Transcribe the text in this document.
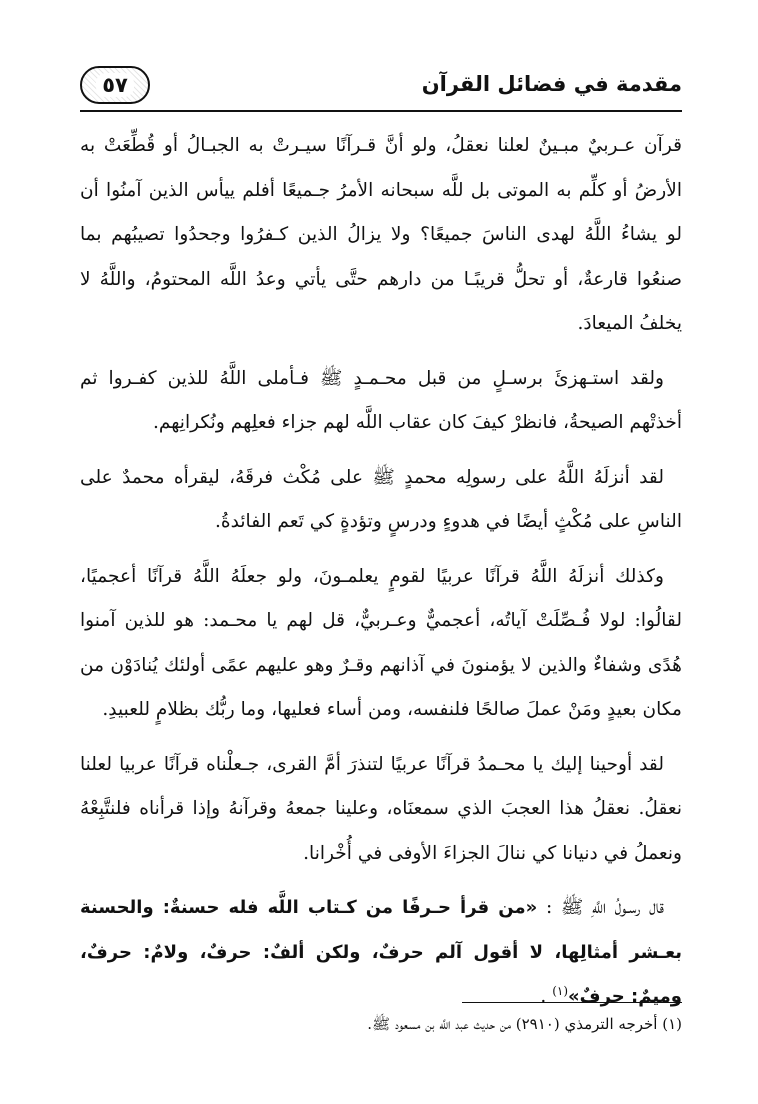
مقدمة في فضائل القرآن
٥٧

قرآن عـربيٌ مبـينٌ لعلنا نعقلُ، ولو أنَّ قـرآنًا سيـرتْ به الجبـالُ أو قُطِّعَتْ به الأرضُ أو كلِّم به الموتى بل للَّه سبحانه الأمرُ جـميعًا أفلم ييأس الذين آمنُوا أن لو يشاءُ اللَّهُ لهدى الناسَ جميعًا؟ ولا يزالُ الذين كـفرُوا وجحدُوا تصيبُهم بما صنعُوا قارعةٌ، أو تحلُّ قريبًـا من دارهم حتَّى يأتي وعدُ اللَّه المحتومُ، واللَّهُ لا يخلفُ الميعادَ.

ولقد استـهزئَ برسـلٍ من قبل محـمـدٍ ﷺ فـأملى اللَّهُ للذين كفـروا ثم أخذتْهم الصيحةُ، فانظرْ كيفَ كان عقاب اللَّه لهم جزاء فعلِهم ونُكرانِهم.

لقد أنزلَهُ اللَّهُ على رسولِه محمدٍ ﷺ على مُكْث فرقَهُ، ليقرأه محمدٌ على الناسِ على مُكْثٍ أيضًا في هدوءٍ ودرسٍ وتؤدةٍ كي تَعم الفائدةُ.

وكذلك أنزلَهُ اللَّهُ قرآنًا عربيًا لقومٍ يعلمـونَ، ولو جعلَهُ اللَّهُ قرآنًا أعجميًا، لقالُوا: لولا فُـصِّلَتْ آياتُه، أعجميٌّ وعـربيٌّ، قل لهم يا محـمد: هو للذين آمنوا هُدًى وشفاءٌ والذين لا يؤمنونَ في آذانهم وقـرٌ وهو عليهم عمًى أولئك يُنادَوْن من مكان بعيدٍ ومَنْ عملَ صالحًا فلنفسه، ومن أساء فعليها، وما ربُّك بظلامٍ للعبيدِ.

لقد أوحينا إليك يا محـمدُ قرآنًا عربيًا لتنذرَ أمَّ القرى، جـعلْناه قرآنًا عربيا لعلنا نعقلُ. نعقلُ هذا العجبَ الذي سمعنَاه، وعلينا جمعهُ وقرآنهُ وإذا قرأناه فلنتَّبِعْهُ ونعملُ في دنيانا كي ننالَ الجزاءَ الأوفى في أُخْرانا.

قال رسـولُ اللَّهِ ﷺ : «من قرأ حـرفًا من كـتاب اللَّه فله حسنةٌ: والحسنة بعـشر أمثالِها، لا أقول آلم حرفٌ، ولكن ألفٌ: حرفٌ، ولامٌ: حرفٌ، وميمٌ: حرفٌ»$^{(١)}$ .

(١) أخرجه الترمذي (٢٩١٠) من حديث عبد اللَّه بن مسعود ﷺ.
